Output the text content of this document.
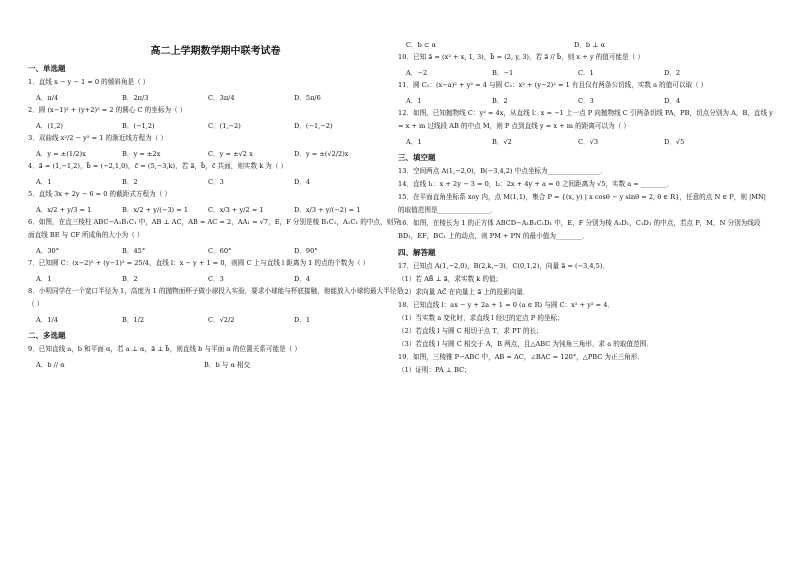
高二上学期数学期中联考试卷
一、单选题
1．直线 x − y − 1 = 0 的倾斜角是（ ）
A．π/4	B．2π/3	C．3π/4	D．5π/6
2．圆 (x−1)² + (y+2)² = 2 的圆心 C 的坐标为（ ）
A．(1,2)	B．(−1,2)	C．(1,−2)	D．(−1,−2)
3．双曲线 x²/2 − y² = 1 的渐近线方程为（ ）
A．y = ±(1/2)x	B．y = ±2x	C．y = ±√2 x	D．y = ±(√2/2)x
4．a⃗ = (1,−1,2)，b⃗ = (−2,1,0)，c⃗ = (5,−3,k)，若 a⃗，b⃗，c⃗ 共面，则实数 k 为（ ）
A．1	B．2	C．3	D．4
5．直线 3x + 2y − 6 = 0 的截距式方程为（ ）
A．x/2 + y/3 = 1	B．x/2 + y/(−3) = 1	C．x/3 + y/2 = 1	D．x/3 + y/(−2) = 1
6．如图，在直三棱柱 ABC−A₁B₁C₁ 中，AB ⊥ AC，AB = AC = 2，AA₁ = √7，E，F 分别是棱 B₁C₁，A₁C₁ 的中点，则异面直线 BE 与 CF 所成角的大小为（ ）
A．30°	B．45°	C．60°	D．90°
7．已知圆 C：(x−2)² + (y−1)² = 25/4，直线 l：x − y + 1 = 0，则圆 C 上与直线 l 距离为 1 的点的个数为（ ）
A．1	B．2	C．3	D．4
8．小明同学在一个宽口半径为 1，高度为 1 的抛物面杯子做小球投入实验，要求小球能与杯底接触，他能放入小球的最大半径是（ ）
A．1/4	B．1/2	C．√2/2	D．1
二、多选题
9．已知直线 a，b 和平面 α，若 a ⊥ α，a⃗ ⊥ b⃗，则直线 b 与平面 α 的位置关系可能是（ ）
A．b // α	B．b 与 α 相交
C．b ⊂ α	D．b ⊥ α
10．已知 a⃗ = (x² + x, 1, 3)，b⃗ = (2, y, 3)，若 a⃗ // b⃗，则 x + y 的值可能是（ ）
A．−2	B．−1	C．1	D．2
11．圆 C₁：(x−a)² + y² = 4 与圆 C₂：x² + (y−2)² = 1 有且仅有两条公切线，实数 a 的值可以取（ ）
A．1	B．2	C．3	D．4
12．如图，已知抛物线 C：y² = 4x，从直线 l：x = −1 上一点 P 向抛物线 C 引两条切线 PA，PB，切点分别为 A，B，直线 y = x + m 过线段 AB 的中点 M，则 P 点到直线 y = x + m 的距离可以为（ ）
A．1	B．√2	C．√3	D．√5
三、填空题
13．空间两点 A(1,−2,0)，B(−3,4,2) 中点坐标为________________．
14．直线 l₁：x + 2y − 3 = 0，l₂：2x + 4y + a = 0 之间距离为 √5，实数 a = ________．
15．在平面直角坐标系 xoy 内，点 M(1,1)，集合 P = {(x, y) | x cosθ − y sinθ = 2, θ ∈ R}，任意的点 N ∈ P，则 |MN| 的取值范围是________________．
16．如图，在棱长为 1 的正方体 ABCD−A₁B₁C₁D₁ 中，E，F 分别为棱 A₁D₁，C₁D₁ 的中点，若点 P，M，N 分别为线段 BD₁，EF，BC₁ 上的动点，则 PM + PN 的最小值为________．
四、解答题
17．已知点 A(1,−2,0)，B(2,k,−3)，C(0,1,2)，向量 a⃗ = (−3,4,5)．
（1）若 AB⃗ ⊥ a⃗，求实数 k 的值；
（2）求向量 AC⃗ 在向量上 a⃗ 上的投影向量．
18．已知直线 l：ax − y + 2a + 1 = 0 (a ∈ R) 与圆 C：x² + y² = 4．
（1）当实数 a 变化时，求直线 l 经过的定点 P 的坐标；
（2）若直线 l 与圆 C 相切于点 T，求 PT 的长；
（3）若直线 l 与圆 C 相交于 A，B 两点，且△ABC 为钝角三角形，求 a 的取值范围．
19．如图，三棱锥 P−ABC 中，AB = AC，∠BAC = 120°，△PBC 为正三角形．
（1）证明：PA ⊥ BC；
